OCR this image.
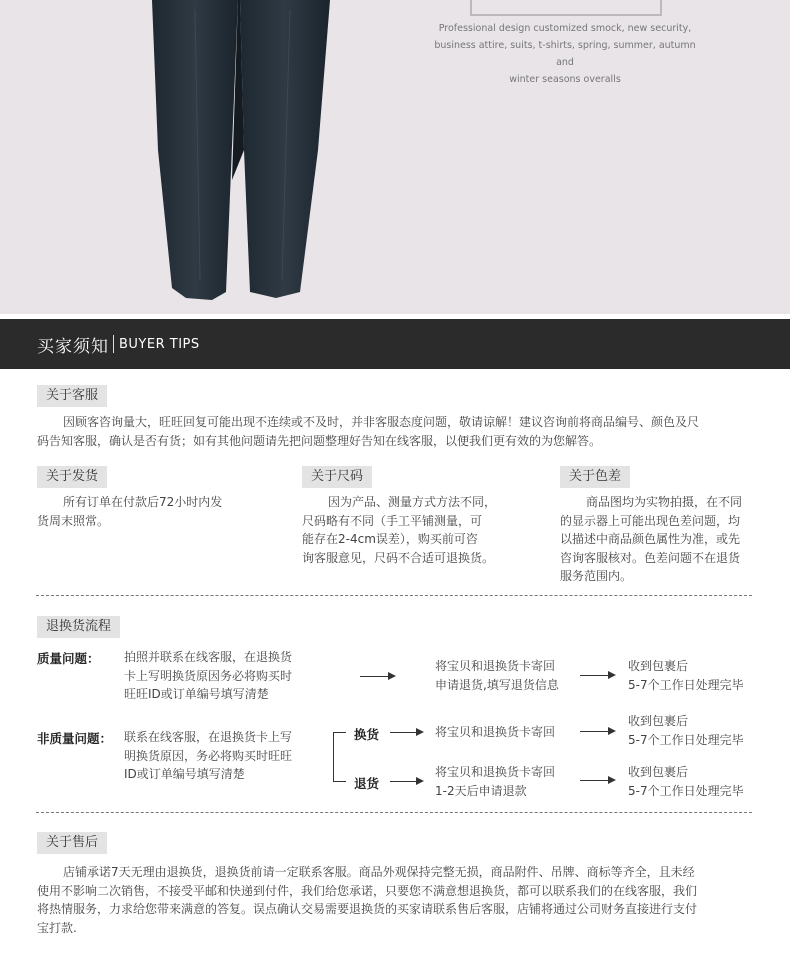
Professional design customized smock, new security,
business attire, suits, t-shirts, spring, summer, autumn and
winter seasons overalls
买家须知 BUYER TIPS
关于客服
因顾客咨询量大，旺旺回复可能出现不连续或不及时，并非客服态度问题，敬请谅解！建议咨询前将商品编号、颜色及尺
码告知客服，确认是否有货；如有其他问题请先把问题整理好告知在线客服，以便我们更有效的为您解答。
关于发货
所有订单在付款后72小时内发
货周末照常。
关于尺码
因为产品、测量方式方法不同，
尺码略有不同（手工平铺测量，可
能存在2-4cm误差），购买前可咨
询客服意见，尺码不合适可退换货。
关于色差
商品图均为实物拍摄，在不同
的显示器上可能出现色差问题，均
以描述中商品颜色属性为准，或先
咨询客服核对。色差问题不在退货
服务范围内。
退换货流程
质量问题： 拍照并联系在线客服，在退换货
卡上写明换货原因务必将购买时
旺旺ID或订单编号填写清楚
将宝贝和退换货卡寄回
申请退货,填写退货信息
收到包裹后
5-7个工作日处理完毕
非质量问题： 联系在线客服，在退换货卡上写
明换货原因，务必将购买时旺旺
ID或订单编号填写清楚
换货	将宝贝和退换货卡寄回
收到包裹后
5-7个工作日处理完毕
退货
将宝贝和退换货卡寄回
1-2天后申请退款
收到包裹后
5-7个工作日处理完毕
关于售后
店铺承诺7天无理由退换货，退换货前请一定联系客服。商品外观保持完整无损，商品附件、吊牌、商标等齐全，且未经
使用不影响二次销售，不接受平邮和快递到付件，我们给您承诺，只要您不满意想退换货，都可以联系我们的在线客服，我们
将热情服务，力求给您带来满意的答复。误点确认交易需要退换货的买家请联系售后客服，店铺将通过公司财务直接进行支付
宝打款.
